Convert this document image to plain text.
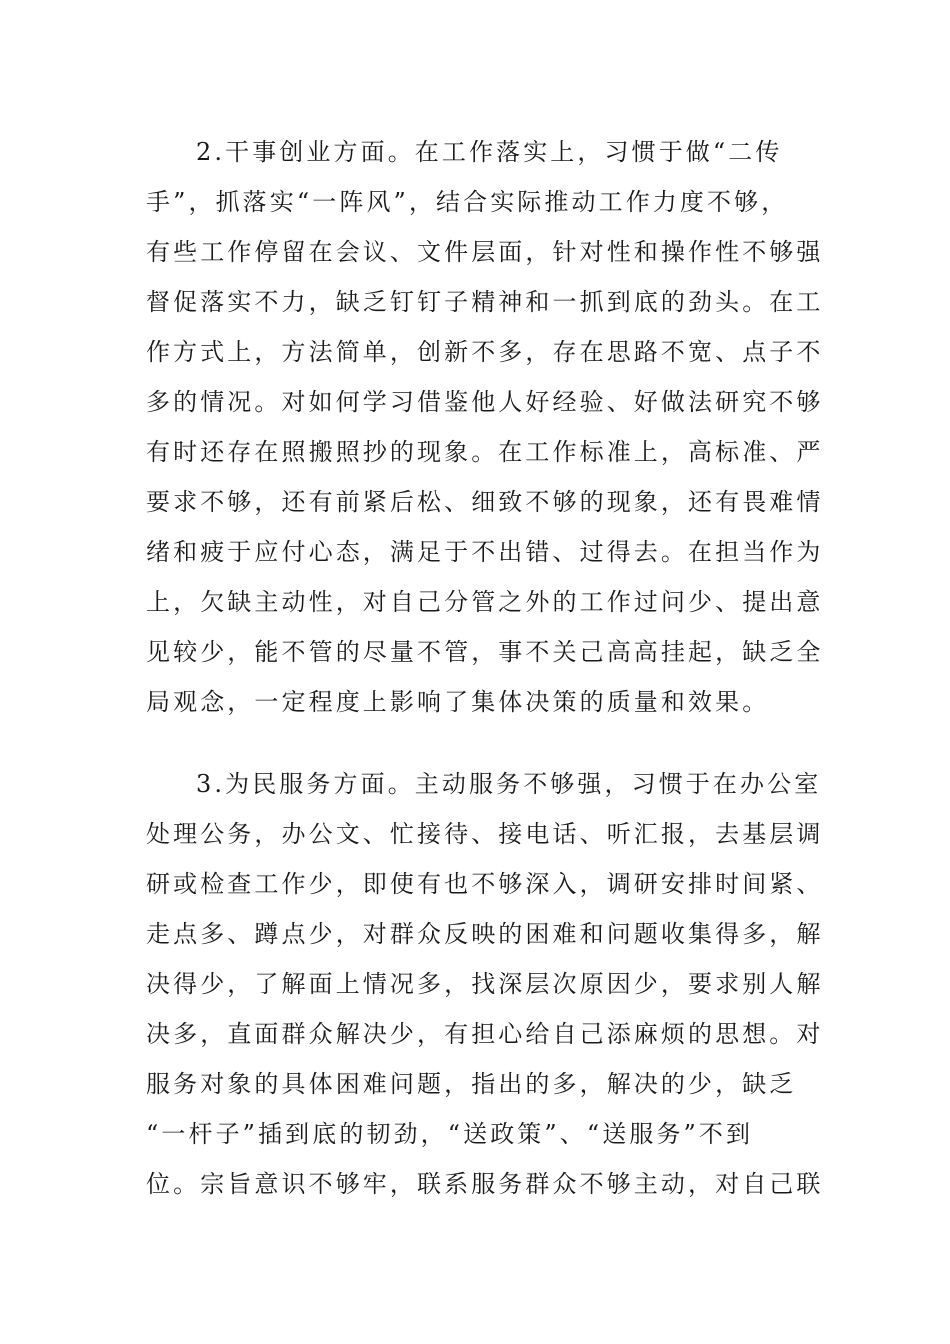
2.干事创业方面。在工作落实上，习惯于做“二传
手”，抓落实“一阵风”，结合实际推动工作力度不够，
有些工作停留在会议、文件层面，针对性和操作性不够强
督促落实不力，缺乏钉钉子精神和一抓到底的劲头。在工
作方式上，方法简单，创新不多，存在思路不宽、点子不
多的情况。对如何学习借鉴他人好经验、好做法研究不够
有时还存在照搬照抄的现象。在工作标准上，高标准、严
要求不够，还有前紧后松、细致不够的现象，还有畏难情
绪和疲于应付心态，满足于不出错、过得去。在担当作为
上，欠缺主动性，对自己分管之外的工作过问少、提出意
见较少，能不管的尽量不管，事不关己高高挂起，缺乏全
局观念，一定程度上影响了集体决策的质量和效果。
3.为民服务方面。主动服务不够强，习惯于在办公室
处理公务，办公文、忙接待、接电话、听汇报，去基层调
研或检查工作少，即使有也不够深入，调研安排时间紧、
走点多、蹲点少，对群众反映的困难和问题收集得多，解
决得少，了解面上情况多，找深层次原因少，要求别人解
决多，直面群众解决少，有担心给自己添麻烦的思想。对
服务对象的具体困难问题，指出的多，解决的少，缺乏
“一杆子”插到底的韧劲，“送政策”、“送服务”不到
位。宗旨意识不够牢，联系服务群众不够主动，对自己联
